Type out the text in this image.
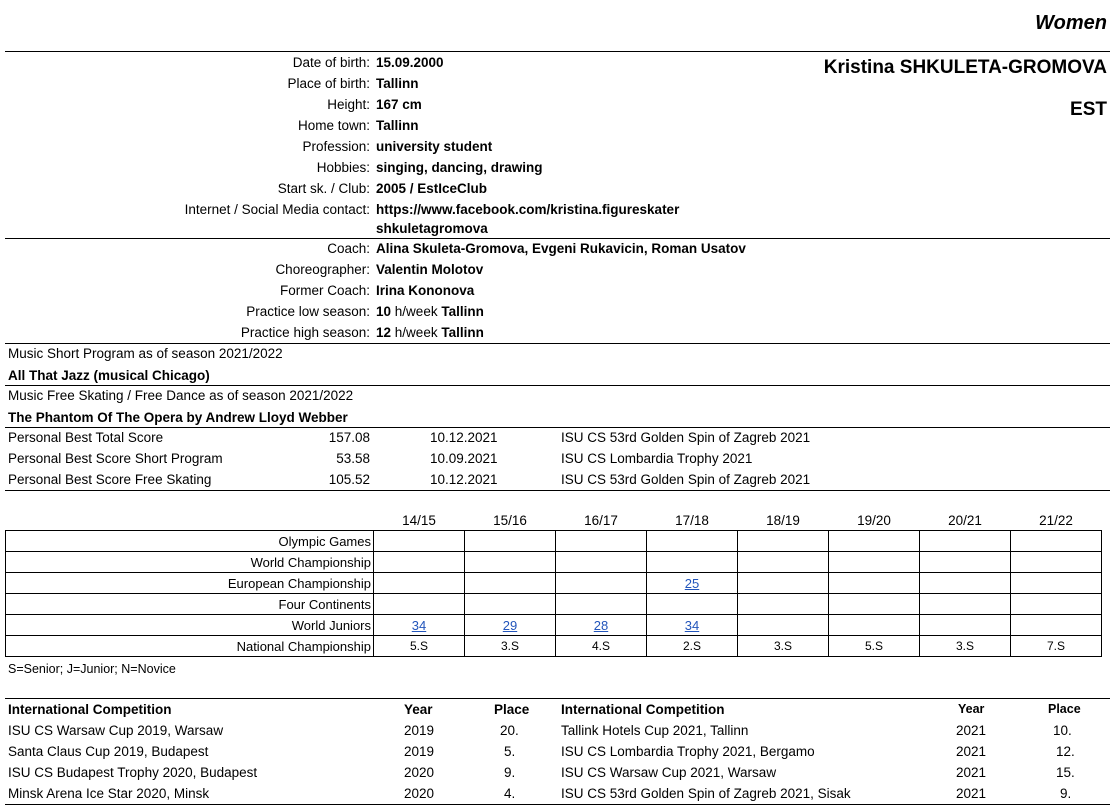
Women
Kristina SHKULETA-GROMOVA
EST
Date of birth: 15.09.2000
Place of birth: Tallinn
Height: 167 cm
Home town: Tallinn
Profession: university student
Hobbies: singing, dancing, drawing
Start sk. / Club: 2005 / EstIceClub
Internet / Social Media contact: https://www.facebook.com/kristina.figureskater
shkuletagromova
Coach: Alina Skuleta-Gromova, Evgeni Rukavicin, Roman Usatov
Choreographer: Valentin Molotov
Former Coach: Irina Kononova
Practice low season: 10 h/week Tallinn
Practice high season: 12 h/week Tallinn
Music Short Program as of season 2021/2022
All That Jazz (musical Chicago)
Music Free Skating / Free Dance as of season 2021/2022
The Phantom Of The Opera by Andrew Lloyd Webber
Personal Best Total Score	157.08	10.12.2021	ISU CS 53rd Golden Spin of Zagreb 2021
Personal Best Score Short Program	53.58	10.09.2021	ISU CS Lombardia Trophy 2021
Personal Best Score Free Skating	105.52	10.12.2021	ISU CS 53rd Golden Spin of Zagreb 2021
	14/15	15/16	16/17	17/18	18/19	19/20	20/21	21/22
Olympic Games								
World Championship								
European Championship				25				
Four Continents								
World Juniors	34	29	28	34				
National Championship	5.S	3.S	4.S	2.S	3.S	5.S	3.S	7.S
S=Senior; J=Junior; N=Novice
International Competition	Year	Place International Competition	Year	Place
ISU CS Warsaw Cup 2019, Warsaw	2019	20.	Tallink Hotels Cup 2021, Tallinn	2021	10.
Santa Claus Cup 2019, Budapest	2019	5.	ISU CS Lombardia Trophy 2021, Bergamo	2021	12.
ISU CS Budapest Trophy 2020, Budapest	2020	9.	ISU CS Warsaw Cup 2021, Warsaw	2021	15.
Minsk Arena Ice Star 2020, Minsk	2020	4.	ISU CS 53rd Golden Spin of Zagreb 2021, Sisak	2021	9.
